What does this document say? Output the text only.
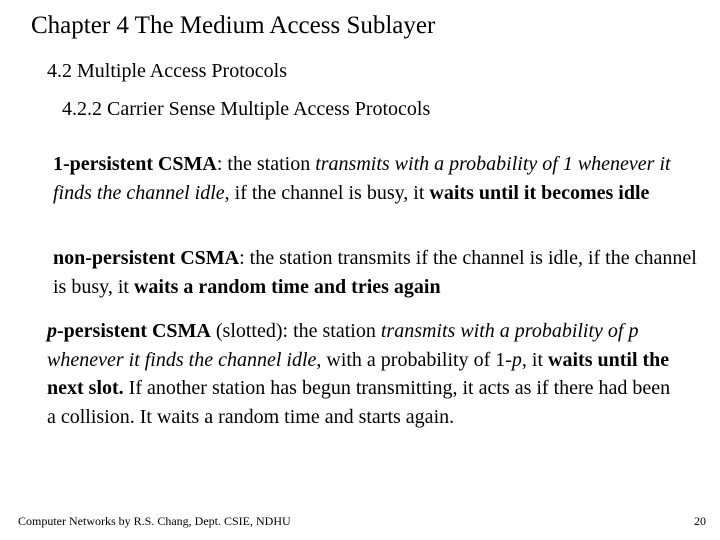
Chapter 4 The Medium Access Sublayer
4.2 Multiple Access Protocols
4.2.2 Carrier Sense Multiple Access Protocols
1-persistent CSMA: the station transmits with a probability of 1 whenever it finds the channel idle, if the channel is busy, it waits until it becomes idle
non-persistent CSMA: the station transmits if the channel is idle, if the channel is busy, it waits a random time and tries again
p-persistent CSMA (slotted): the station transmits with a probability of p whenever it finds the channel idle, with a probability of 1-p, it waits until the next slot. If another station has begun transmitting, it acts as if there had been a collision. It waits a random time and starts again.
Computer Networks by R.S. Chang, Dept. CSIE, NDHU	20
